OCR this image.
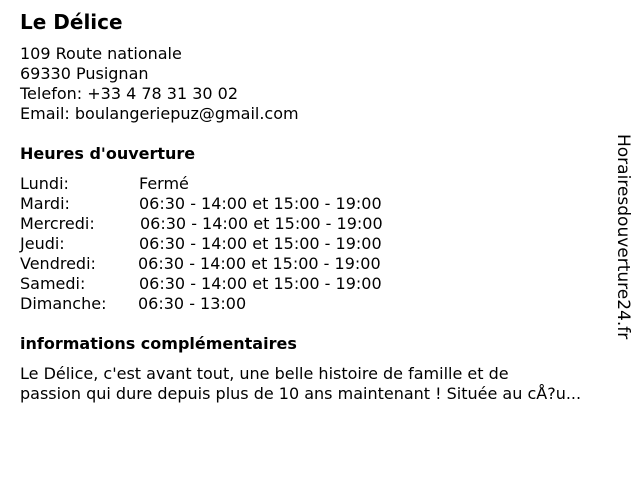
Le Délice
109 Route nationale
69330 Pusignan
Telefon: +33 4 78 31 30 02
Email: boulangeriepuz@gmail.com
Heures d'ouverture
Lundi:	Fermé
Mardi:	06:30 - 14:00 et 15:00 - 19:00
Mercredi:	06:30 - 14:00 et 15:00 - 19:00
Jeudi:	06:30 - 14:00 et 15:00 - 19:00
Vendredi:	06:30 - 14:00 et 15:00 - 19:00
Samedi:	06:30 - 14:00 et 15:00 - 19:00
Dimanche: 06:30 - 13:00
informations complémentaires
Le Délice, c'est avant tout, une belle histoire de famille et de
passion qui dure depuis plus de 10 ans maintenant ! Située au cÅ?u...
Horairesdouverture24.fr
